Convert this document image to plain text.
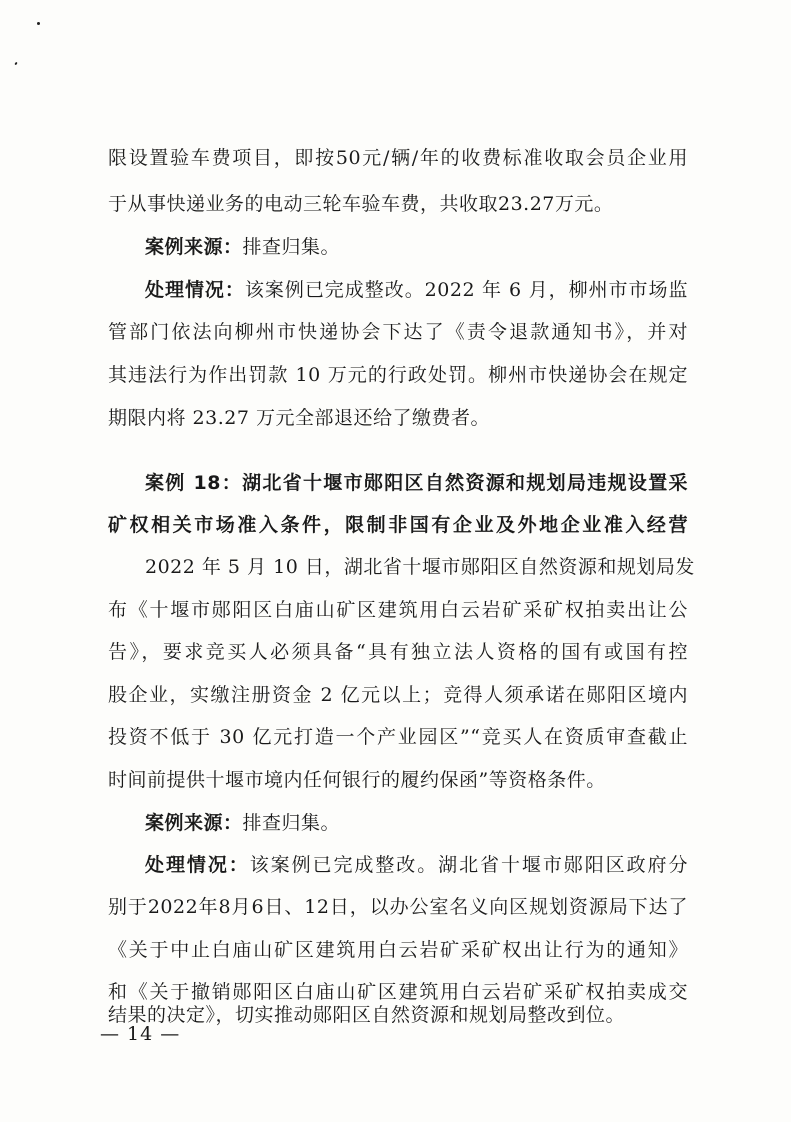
限设置验车费项目，即按50元/辆/年的收费标准收取会员企业用
于从事快递业务的电动三轮车验车费，共收取23.27万元。
案例来源：排查归集。
处理情况：该案例已完成整改。2022 年 6 月，柳州市市场监
管部门依法向柳州市快递协会下达了《责令退款通知书》，并对
其违法行为作出罚款 10 万元的行政处罚。柳州市快递协会在规定
期限内将 23.27 万元全部退还给了缴费者。
案例 18：湖北省十堰市郧阳区自然资源和规划局违规设置采
矿权相关市场准入条件，限制非国有企业及外地企业准入经营
2022 年 5 月 10 日，湖北省十堰市郧阳区自然资源和规划局发
布《十堰市郧阳区白庙山矿区建筑用白云岩矿采矿权拍卖出让公
告》，要求竞买人必须具备“具有独立法人资格的国有或国有控
股企业，实缴注册资金 2 亿元以上；竞得人须承诺在郧阳区境内
投资不低于 30 亿元打造一个产业园区”“竞买人在资质审查截止
时间前提供十堰市境内任何银行的履约保函”等资格条件。
案例来源：排查归集。
处理情况：该案例已完成整改。湖北省十堰市郧阳区政府分
别于2022年8月6日、12日，以办公室名义向区规划资源局下达了
《关于中止白庙山矿区建筑用白云岩矿采矿权出让行为的通知》
和《关于撤销郧阳区白庙山矿区建筑用白云岩矿采矿权拍卖成交
结果的决定》，切实推动郧阳区自然资源和规划局整改到位。
— 14 —
